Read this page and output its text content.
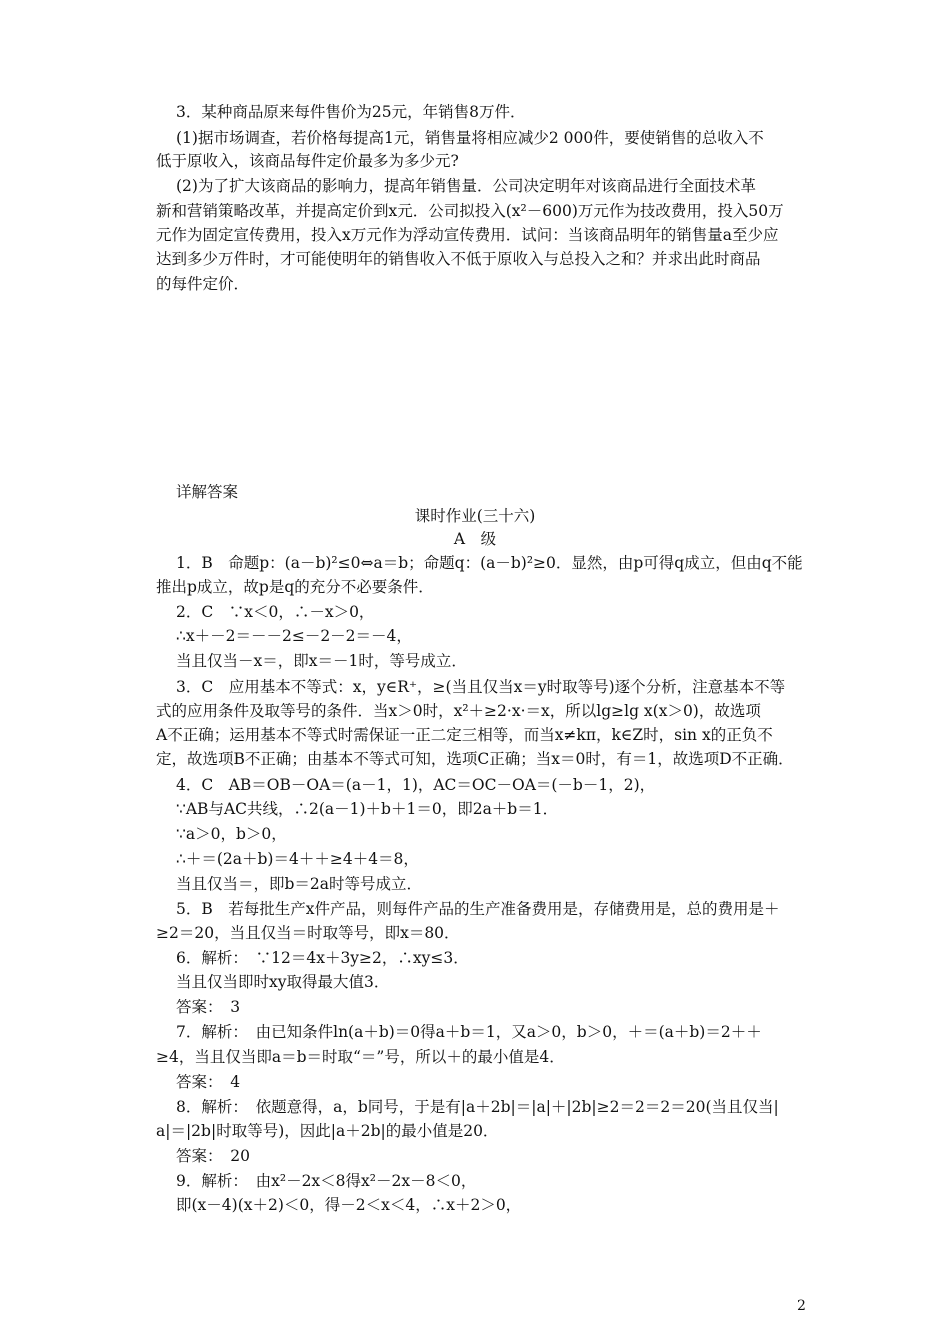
3．某种商品原来每件售价为25元，年销售8万件．
(1)据市场调查，若价格每提高1元，销售量将相应减少2 000件，要使销售的总收入不
低于原收入，该商品每件定价最多为多少元?
(2)为了扩大该商品的影响力，提高年销售量．公司决定明年对该商品进行全面技术革
新和营销策略改革，并提高定价到x元．公司拟投入(x²－600)万元作为技改费用，投入50万
元作为固定宣传费用，投入x万元作为浮动宣传费用．试问：当该商品明年的销售量a至少应
达到多少万件时，才可能使明年的销售收入不低于原收入与总投入之和？并求出此时商品
的每件定价．
详解答案
课时作业(三十六)
A　级
1．B　命题p：(a－b)²≤0⇔a＝b；命题q：(a－b)²≥0．显然，由p可得q成立，但由q不能
推出p成立，故p是q的充分不必要条件．
2．C　∵x＜0，∴－x＞0，
∴x＋－2＝－－2≤－2－2＝－4，
当且仅当－x＝，即x＝－1时，等号成立．
3．C　应用基本不等式：x，y∈R⁺，≥(当且仅当x＝y时取等号)逐个分析，注意基本不等
式的应用条件及取等号的条件．当x＞0时，x²＋≥2·x·＝x，所以lg≥lg x(x＞0)，故选项
A不正确；运用基本不等式时需保证一正二定三相等，而当x≠kπ，k∈Z时，sin x的正负不
定，故选项B不正确；由基本不等式可知，选项C正确；当x＝0时，有＝1，故选项D不正确．
4．C　AB＝OB－OA＝(a－1，1)，AC＝OC－OA＝(－b－1，2)，
∵AB与AC共线，∴2(a－1)＋b＋1＝0，即2a＋b＝1．
∵a＞0，b＞0，
∴＋＝(2a＋b)＝4＋＋≥4＋4＝8，
当且仅当＝，即b＝2a时等号成立．
5．B　若每批生产x件产品，则每件产品的生产准备费用是，存储费用是，总的费用是＋
≥2＝20，当且仅当＝时取等号，即x＝80．
6．解析：　∵12＝4x＋3y≥2，∴xy≤3．
当且仅当即时xy取得最大值3．
答案：　3
7．解析：　由已知条件ln(a＋b)＝0得a＋b＝1，又a＞0，b＞0，＋＝(a＋b)＝2＋＋
≥4，当且仅当即a＝b＝时取“＝”号，所以＋的最小值是4．
答案：　4
8．解析：　依题意得，a，b同号，于是有|a＋2b|＝|a|＋|2b|≥2＝2＝2＝20(当且仅当|
a|＝|2b|时取等号)，因此|a＋2b|的最小值是20．
答案：　20
9．解析：　由x²－2x＜8得x²－2x－8＜0，
即(x－4)(x＋2)＜0，得－2＜x＜4，∴x＋2＞0，
2
